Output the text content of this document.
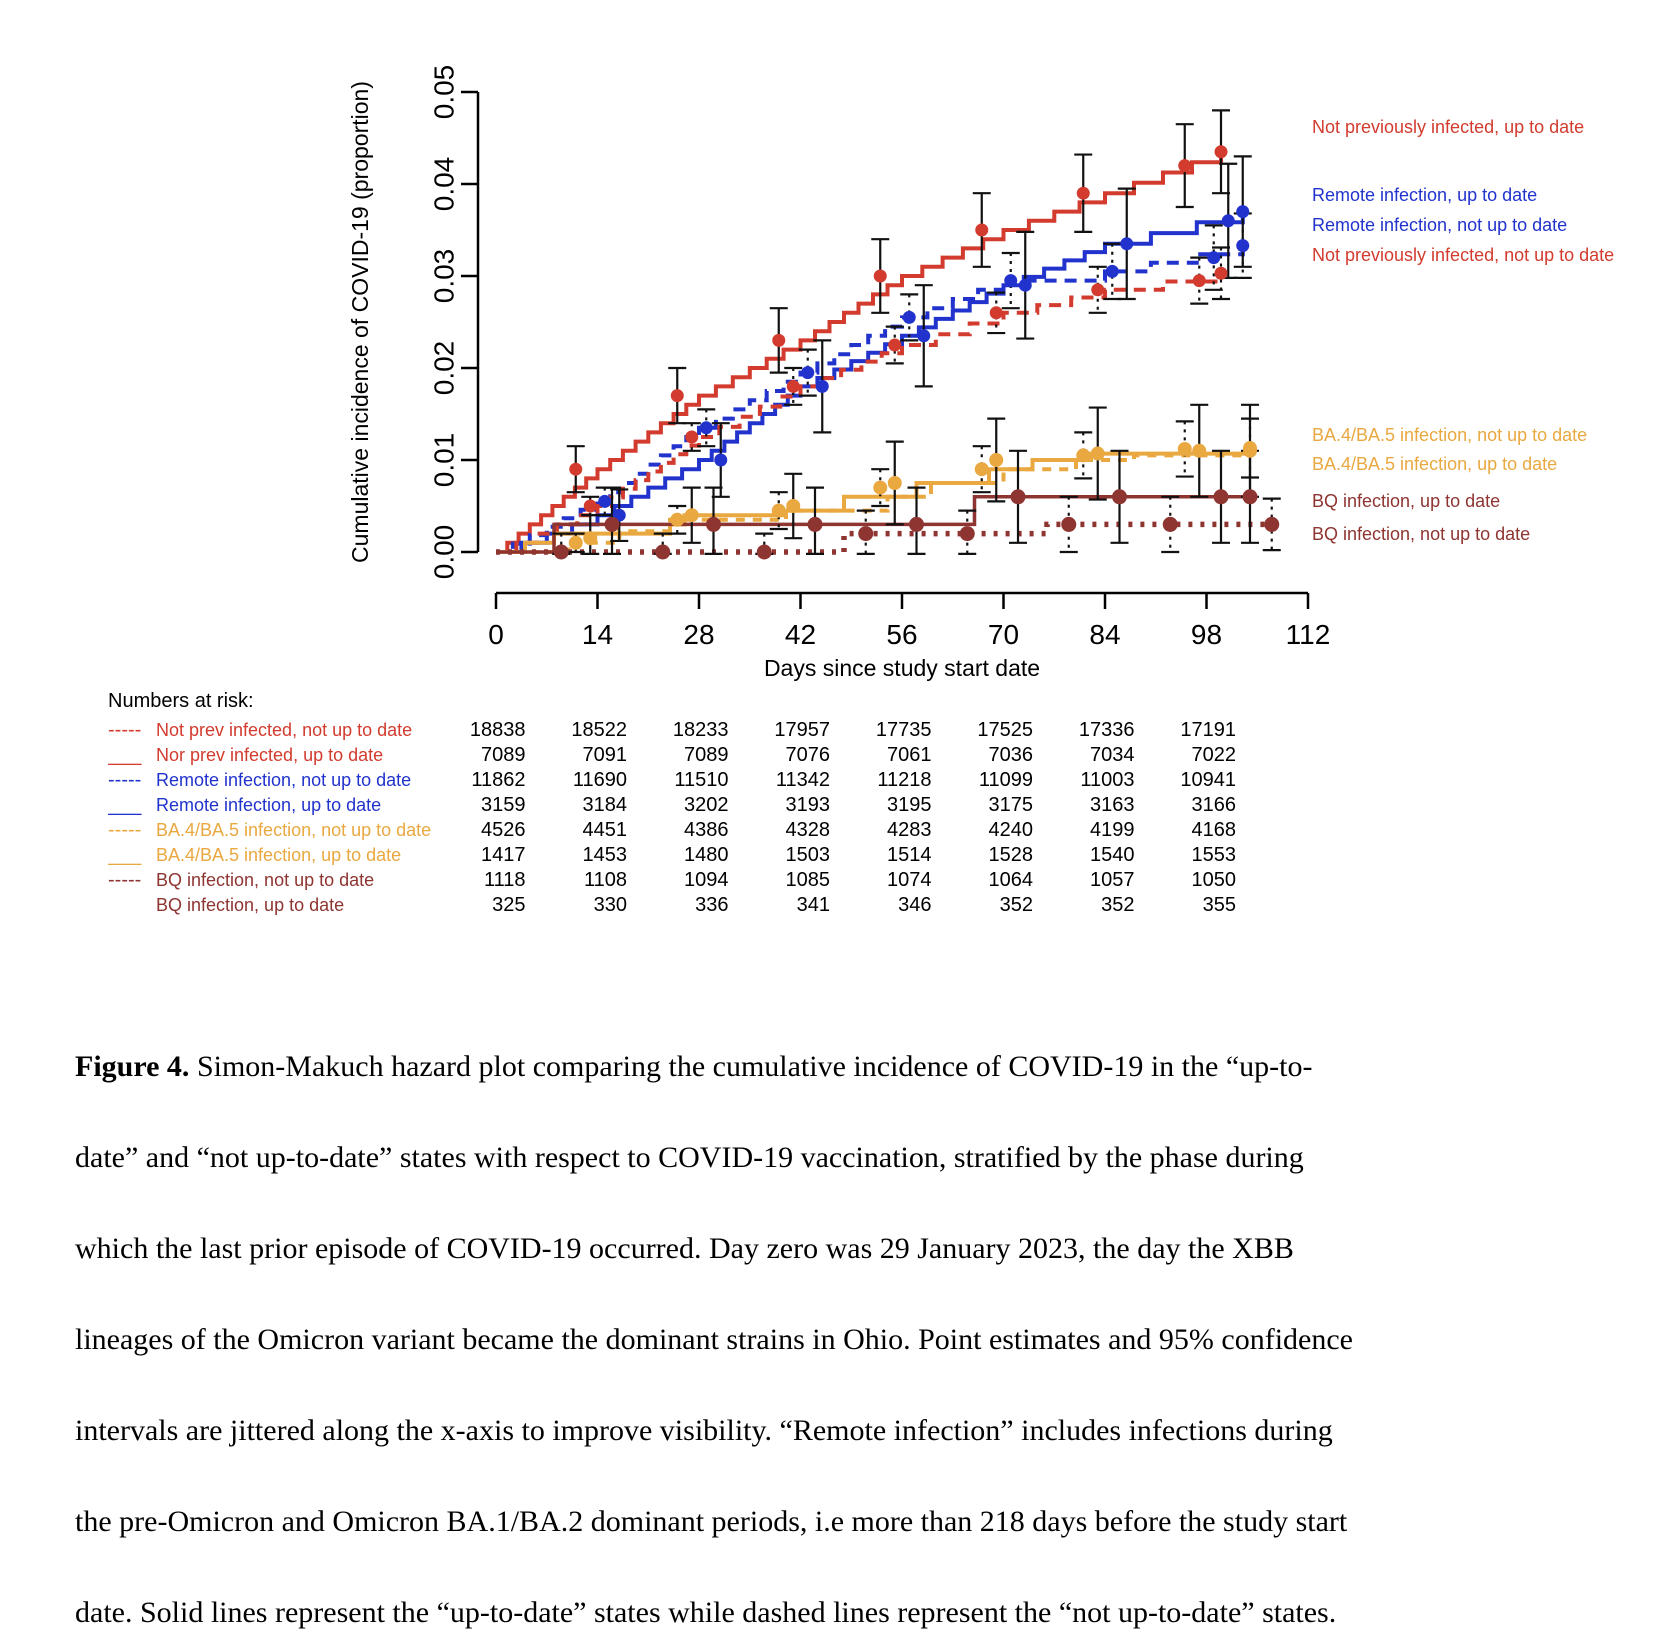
0.00
0.01
0.02
0.03
0.04
0.05
Cumulative incidence of COVID-19 (proportion)
0	14	28	42	56	70	84	98 112
Days since study start date
Not previously infected, up to date
Remote infection, up to date
Remote infection, not up to date
Not previously infected, not up to date
BA.4/BA.5 infection, not up to date
BA.4/BA.5 infection, up to date
BQ infection, up to date
BQ infection, not up to date
Numbers at risk:
----- Not prev infected, not up to date	18838	18522	18233	17957	17735	17525	17336	17191
___ Nor prev infected, up to date	7089	7091	7089	7076	7061	7036	7034	7022
----- Remote infection, not up to date	11862	11690	11510	11342	11218	11099	11003	10941
___ Remote infection, up to date	3159	3184	3202	3193	3195	3175	3163	3166
----- BA.4/BA.5 infection, not up to date	4526	4451	4386	4328	4283	4240	4199	4168
___ BA.4/BA.5 infection, up to date	1417	1453	1480	1503	1514	1528	1540	1553
----- BQ infection, not up to date	1118	1108	1094	1085	1074	1064	1057	1050
BQ infection, up to date	325	330	336	341	346	352	352	355
Figure 4. Simon-Makuch hazard plot comparing the cumulative incidence of COVID-19 in the “up-to-
date” and “not up-to-date” states with respect to COVID-19 vaccination, stratified by the phase during
which the last prior episode of COVID-19 occurred. Day zero was 29 January 2023, the day the XBB
lineages of the Omicron variant became the dominant strains in Ohio. Point estimates and 95% confidence
intervals are jittered along the x-axis to improve visibility. “Remote infection” includes infections during
the pre-Omicron and Omicron BA.1/BA.2 dominant periods, i.e more than 218 days before the study start
date. Solid lines represent the “up-to-date” states while dashed lines represent the “not up-to-date” states.
